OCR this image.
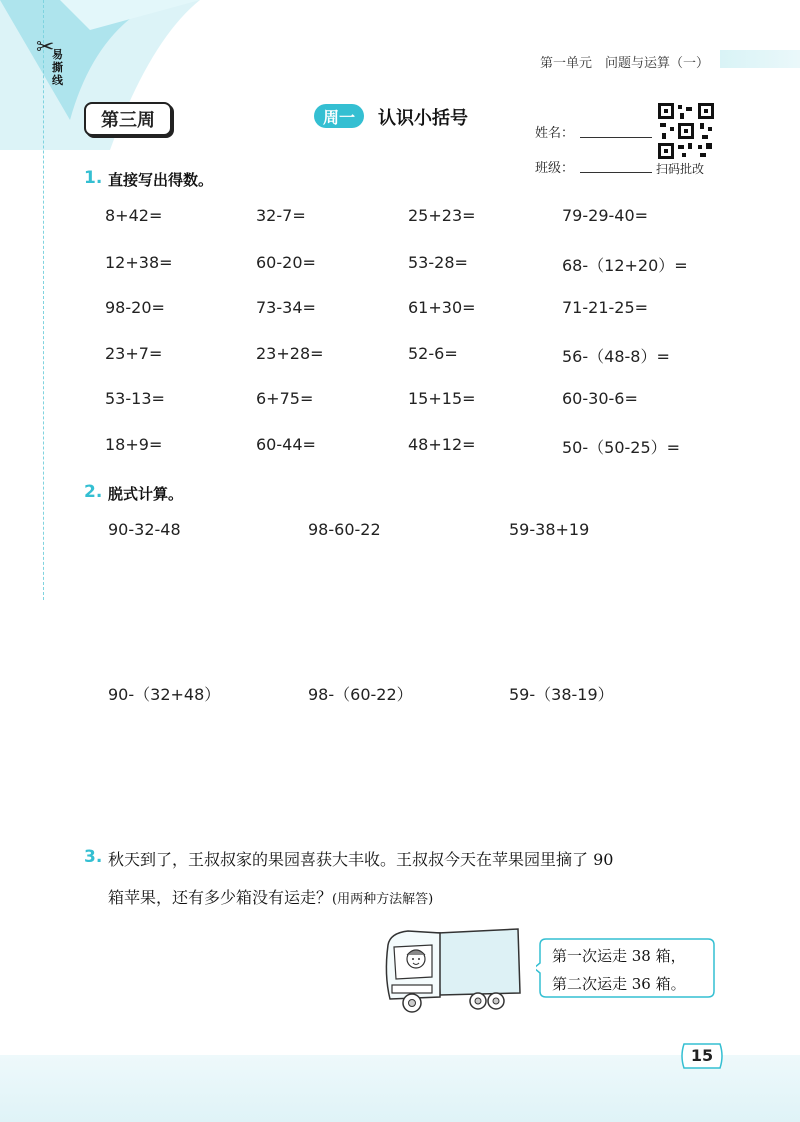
✂
易撕线
第一单元　问题与运算（一）
第三周	周一	认识小括号
姓名：
班级：	扫码批改
1. 直接写出得数。
8+42=	32-7=	25+23=	79-29-40=
12+38=	60-20=	53-28=	68-（12+20）=
98-20=	73-34=	61+30=	71-21-25=
23+7=	23+28=	52-6=	56-（48-8）=
53-13=	6+75=	15+15=	60-30-6=
18+9=	60-44=	48+12=	50-（50-25）=
2. 脱式计算。
90-32-48	98-60-22	59-38+19
90-（32+48）	98-（60-22）	59-（38-19）
3. 秋天到了，王叔叔家的果园喜获大丰收。王叔叔今天在苹果园里摘了 90
箱苹果，还有多少箱没有运走？(用两种方法解答)
第一次运走 38 箱，
第二次运走 36 箱。
15
